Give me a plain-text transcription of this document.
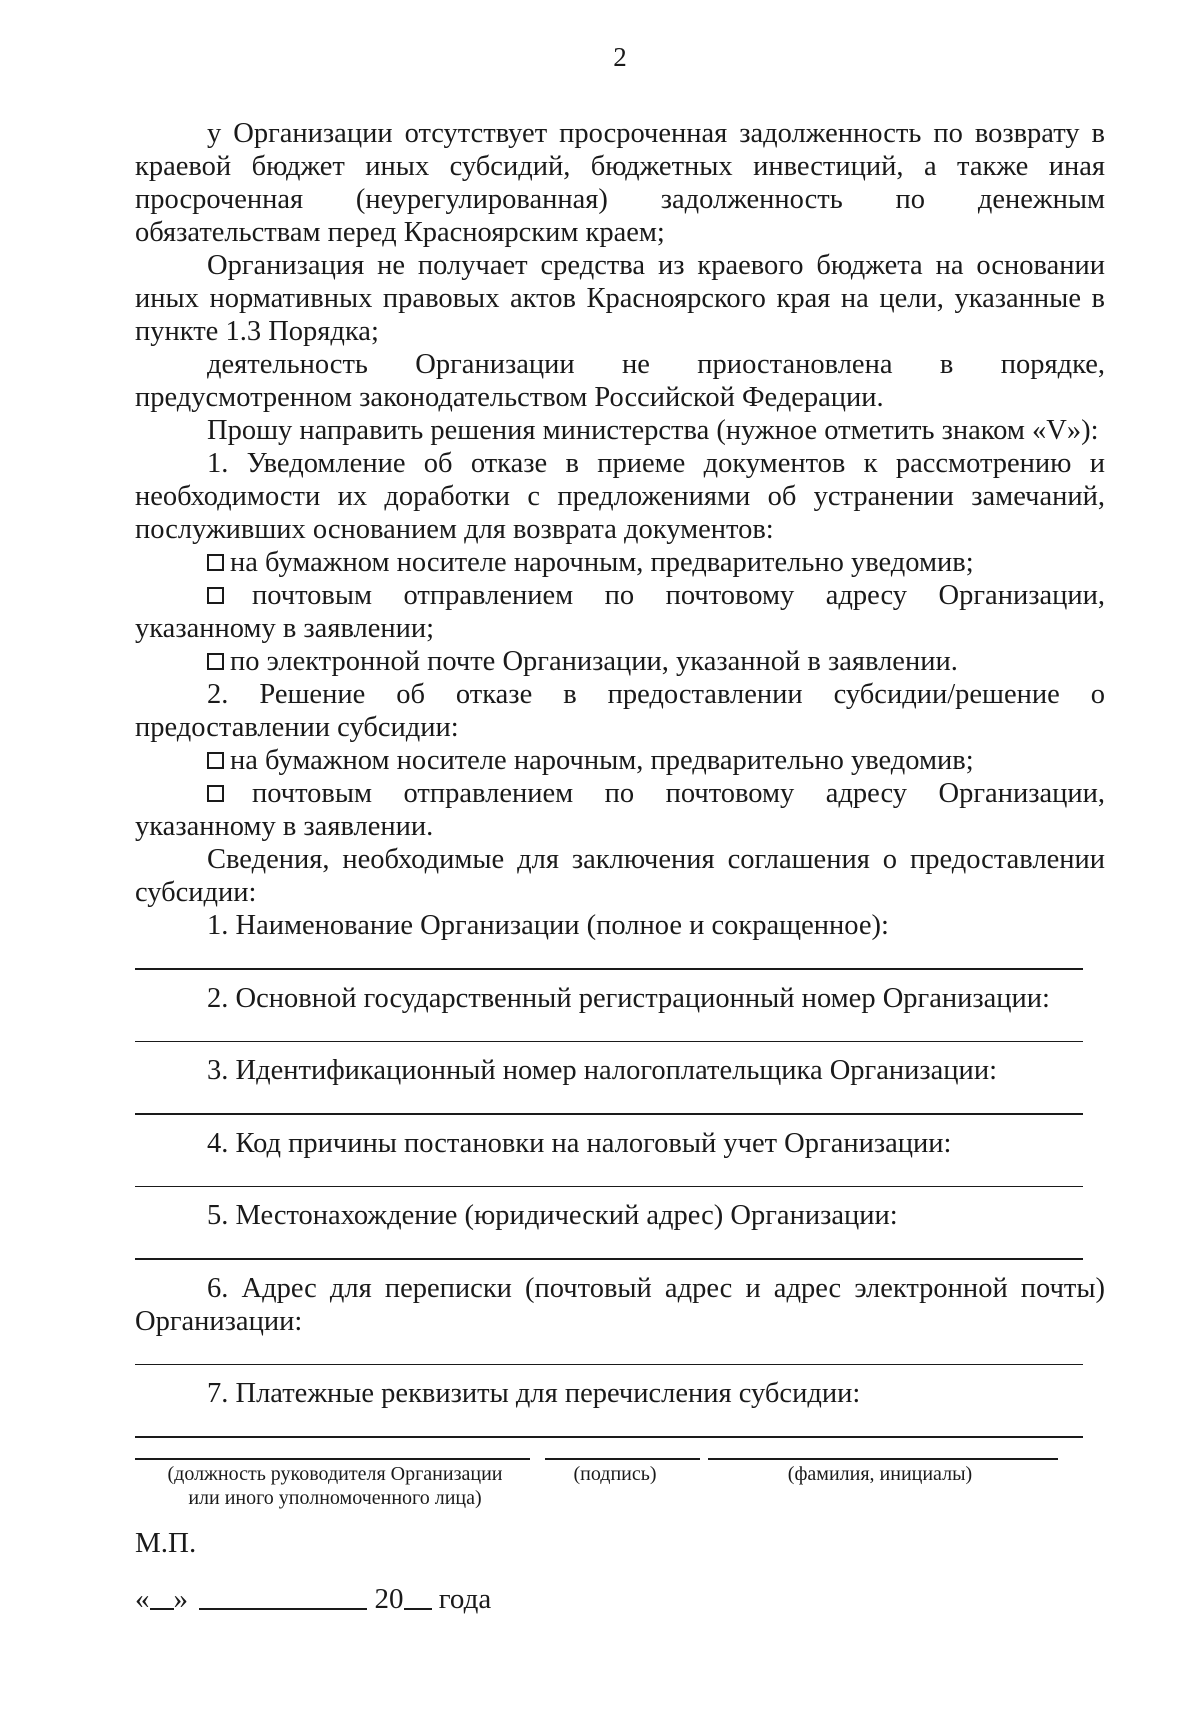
2

у Организации отсутствует просроченная задолженность по возврату в краевой бюджет иных субсидий, бюджетных инвестиций, а также иная просроченная (неурегулированная) задолженность по денежным обязательствам перед Красноярским краем;

Организация не получает средства из краевого бюджета на основании иных нормативных правовых актов Красноярского края на цели, указанные в пункте 1.3 Порядка;

деятельность Организации не приостановлена в порядке, предусмотренном законодательством Российской Федерации.

Прошу направить решения министерства (нужное отметить знаком «V»):

1. Уведомление об отказе в приеме документов к рассмотрению и необходимости их доработки с предложениями об устранении замечаний, послуживших основанием для возврата документов:

на бумажном носителе нарочным, предварительно уведомив;

почтовым отправлением по почтовому адресу Организации, указанному в заявлении;

по электронной почте Организации, указанной в заявлении.

2. Решение об отказе в предоставлении субсидии/решение о предоставлении субсидии:

на бумажном носителе нарочным, предварительно уведомив;

почтовым отправлением по почтовому адресу Организации, указанному в заявлении.

Сведения, необходимые для заключения соглашения о предоставлении субсидии:

1. Наименование Организации (полное и сокращенное):

2. Основной государственный регистрационный номер Организации:

3. Идентификационный номер налогоплательщика Организации:

4. Код причины постановки на налоговый учет Организации:

5. Местонахождение (юридический адрес) Организации:

6. Адрес для переписки (почтовый адрес и адрес электронной почты) Организации:

7. Платежные реквизиты для перечисления субсидии:

(должность руководителя Организации
или иного уполномоченного лица)
(подпись)	(фамилия, инициалы)
М.П.
« »	20 года
